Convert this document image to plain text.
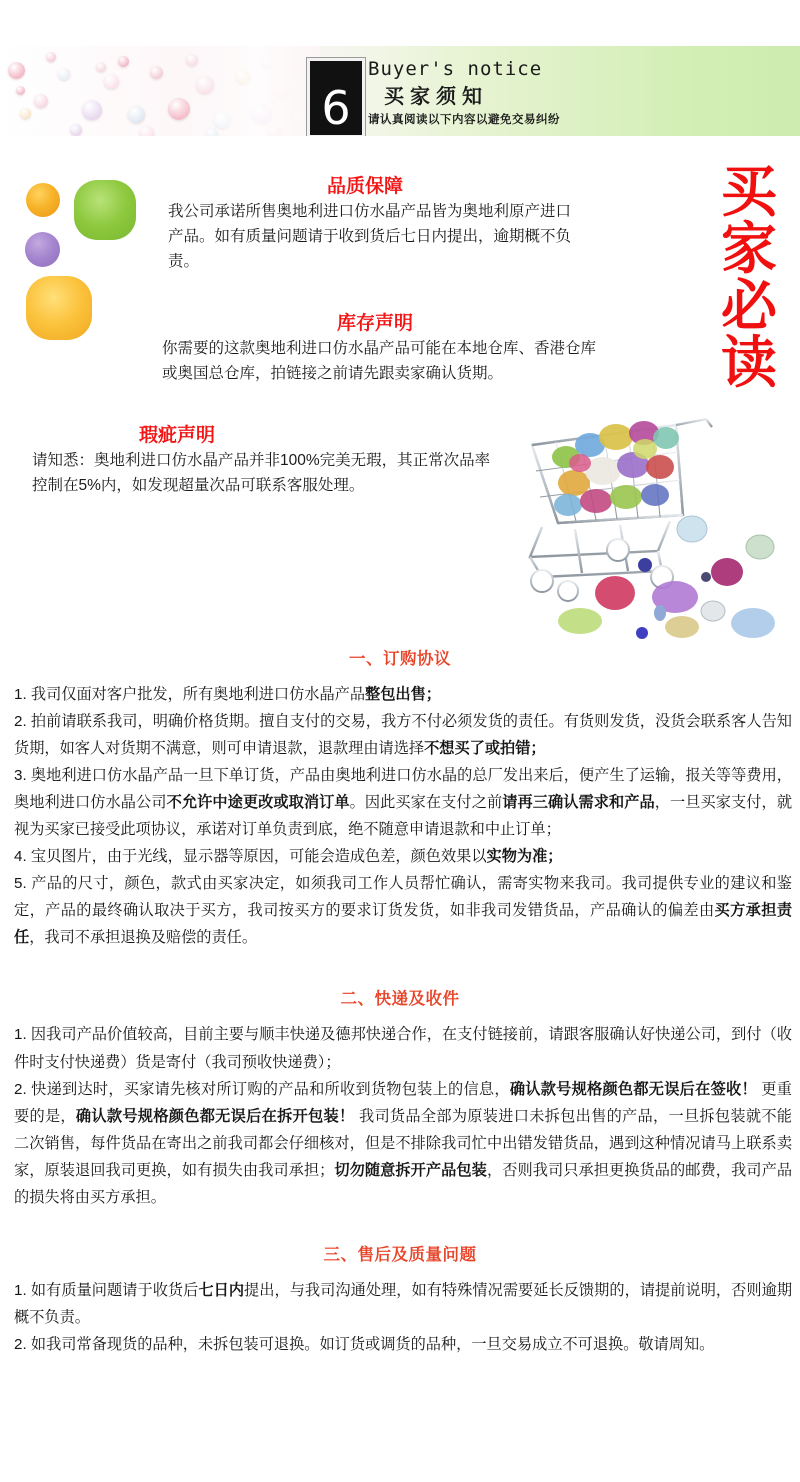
6
Buyer's notice
买家须知
请认真阅读以下内容以避免交易纠纷
买
家
必
读
品质保障
我公司承诺所售奥地利进口仿水晶产品皆为奥地利原产进口产品。如有质量问题请于收到货后七日内提出，逾期概不负责。
库存声明
你需要的这款奥地利进口仿水晶产品可能在本地仓库、香港仓库或奥国总仓库，拍链接之前请先跟卖家确认货期。
瑕疵声明
请知悉：奥地利进口仿水晶产品并非100%完美无瑕，其正常次品率控制在5%内，如发现超量次品可联系客服处理。
一、订购协议

1. 我司仅面对客户批发，所有奥地利进口仿水晶产品整包出售；

2. 拍前请联系我司，明确价格货期。擅自支付的交易，我方不付必须发货的责任。有货则发货，没货会联系客人告知货期，如客人对货期不满意，则可申请退款，退款理由请选择不想买了或拍错；

3. 奥地利进口仿水晶产品一旦下单订货，产品由奥地利进口仿水晶的总厂发出来后，便产生了运输，报关等等费用，奥地利进口仿水晶公司不允许中途更改或取消订单。因此买家在支付之前请再三确认需求和产品，一旦买家支付，就视为买家已接受此项协议，承诺对订单负责到底，绝不随意申请退款和中止订单；

4. 宝贝图片，由于光线，显示器等原因，可能会造成色差，颜色效果以实物为准；

5. 产品的尺寸，颜色，款式由买家决定，如须我司工作人员帮忙确认，需寄实物来我司。我司提供专业的建议和鉴定，产品的最终确认取决于买方，我司按买方的要求订货发货，如非我司发错货品，产品确认的偏差由买方承担责任，我司不承担退换及赔偿的责任。

二、快递及收件

1. 因我司产品价值较高，目前主要与顺丰快递及德邦快递合作，在支付链接前，请跟客服确认好快递公司，到付（收件时支付快递费）货是寄付（我司预收快递费）；

2. 快递到达时，买家请先核对所订购的产品和所收到货物包装上的信息，确认款号规格颜色都无误后在签收！ 更重要的是，确认款号规格颜色都无误后在拆开包装！ 我司货品全部为原装进口未拆包出售的产品，一旦拆包装就不能二次销售，每件货品在寄出之前我司都会仔细核对，但是不排除我司忙中出错发错货品，遇到这种情况请马上联系卖家，原装退回我司更换，如有损失由我司承担；切勿随意拆开产品包装，否则我司只承担更换货品的邮费，我司产品的损失将由买方承担。

三、售后及质量问题

1. 如有质量问题请于收货后七日内提出，与我司沟通处理，如有特殊情况需要延长反馈期的，请提前说明，否则逾期概不负责。

2. 如我司常备现货的品种，未拆包装可退换。如订货或调货的品种，一旦交易成立不可退换。敬请周知。
